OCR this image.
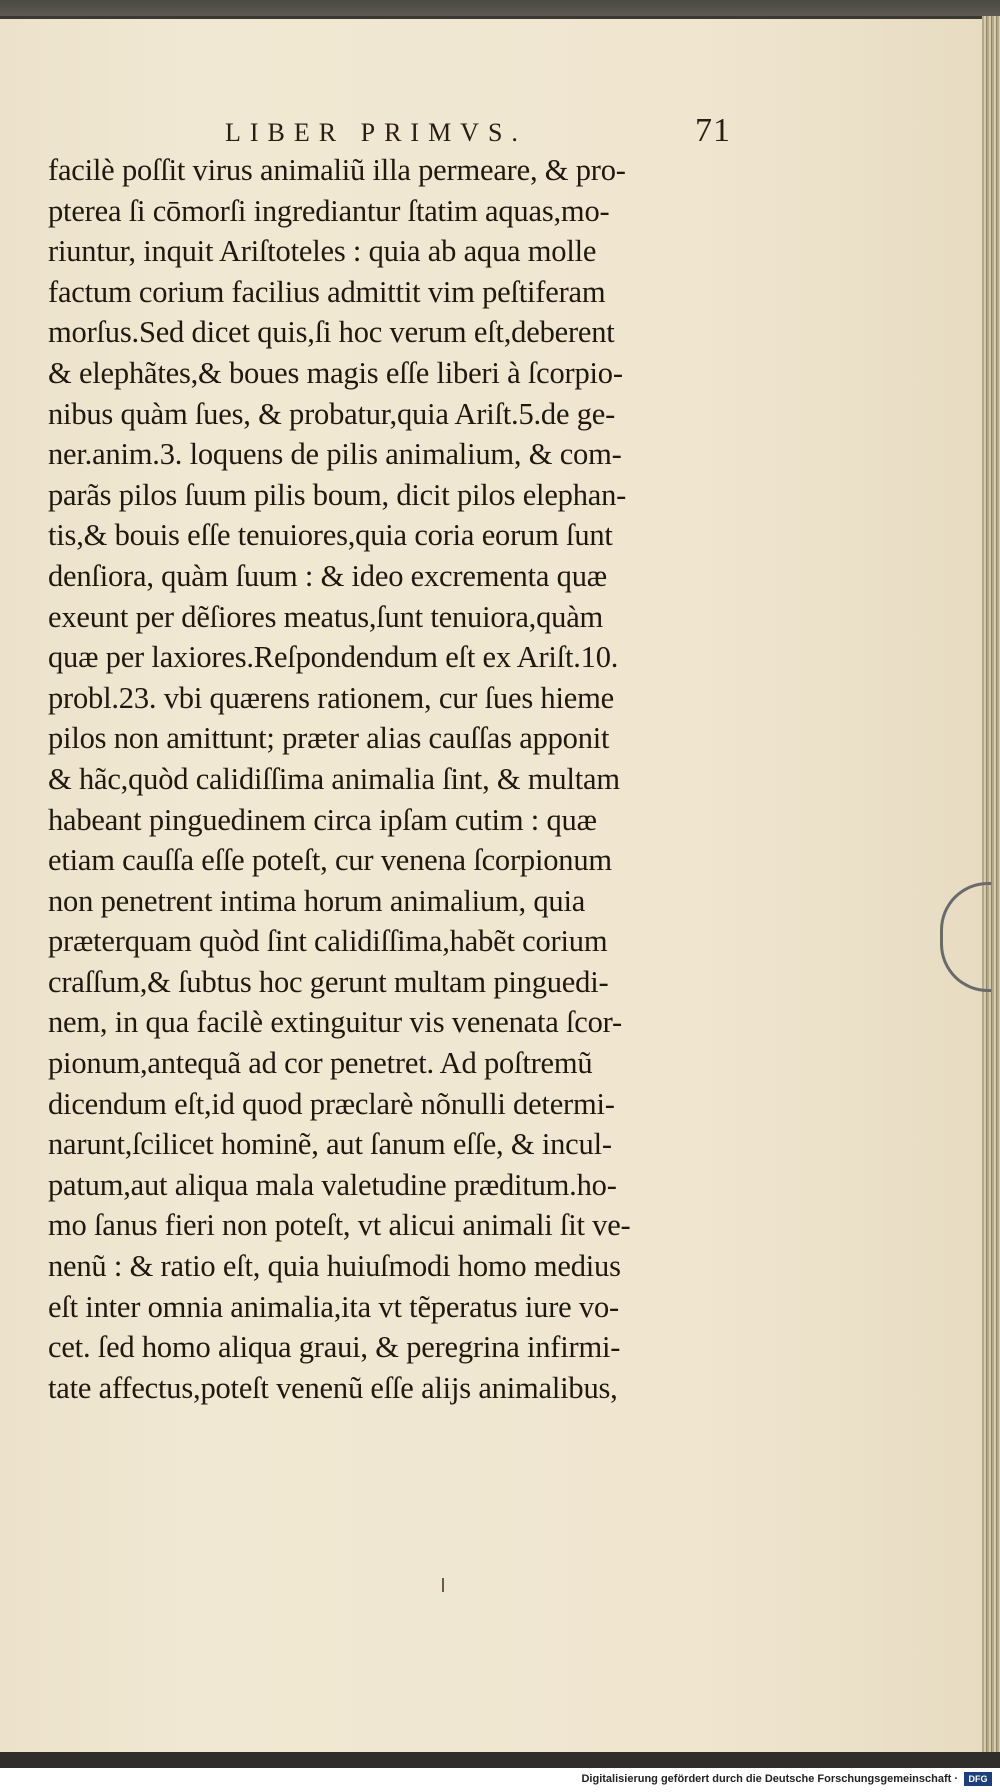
LIBER PRIMVS.	71
facilè poſſit virus animaliũ illa permeare, & pro-
pterea ſi cōmorſi ingrediantur ſtatim aquas,mo-
riuntur, inquit Ariſtoteles : quia ab aqua molle
factum corium facilius admittit vim peſtiferam
morſus.Sed dicet quis,ſi hoc verum eſt,deberent
& elephãtes,& boues magis eſſe liberi à ſcorpio-
nibus quàm ſues, & probatur,quia Ariſt.5.de ge-
ner.anim.3. loquens de pilis animalium, & com-
parãs pilos ſuum pilis boum, dicit pilos elephan-
tis,& bouis eſſe tenuiores,quia coria eorum ſunt
denſiora, quàm ſuum : & ideo excrementa quæ
exeunt per dẽſiores meatus,ſunt tenuiora,quàm
quæ per laxiores.Reſpondendum eſt ex Ariſt.10.
probl.23. vbi quærens rationem, cur ſues hieme
pilos non amittunt; præter alias cauſſas apponit
& hãc,quòd calidiſſima animalia ſint, & multam
habeant pinguedinem circa ipſam cutim : quæ
etiam cauſſa eſſe poteſt, cur venena ſcorpionum
non penetrent intima horum animalium, quia
præterquam quòd ſint calidiſſima,habẽt corium
craſſum,& ſubtus hoc gerunt multam pinguedi-
nem, in qua facilè extinguitur vis venenata ſcor-
pionum,antequã ad cor penetret. Ad poſtremũ
dicendum eſt,id quod præclarè nõnulli determi-
narunt,ſcilicet hominẽ, aut ſanum eſſe, & incul-
patum,aut aliqua mala valetudine præditum.ho-
mo ſanus fieri non poteſt, vt alicui animali ſit ve-
nenũ : & ratio eſt, quia huiuſmodi homo medius
eſt inter omnia animalia,ita vt tẽperatus iure vo-
cet. ſed homo aliqua graui, & peregrina infirmi-
tate affectus,poteſt venenũ eſſe alijs animalibus,
Digitalisierung gefördert durch die Deutsche Forschungsgemeinschaft ·	DFG
